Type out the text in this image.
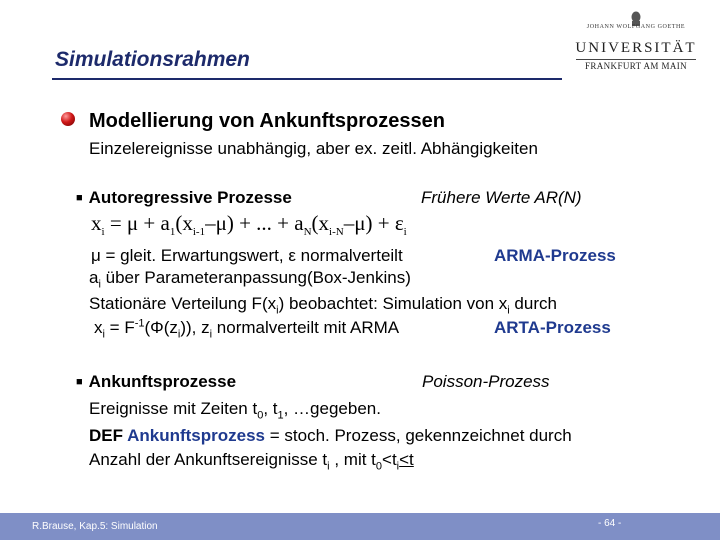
Simulationsrahmen
JOHANN WOLFGANG GOETHE
UNIVERSITÄT
FRANKFURT AM MAIN
Modellierung von Ankunftsprozessen
Einzelereignisse unabhängig, aber ex. zeitl. Abhängigkeiten
■ Autoregressive Prozesse	Frühere Werte AR(N)
$x_i = \mu + a_1(x_{i-1}-\mu)$ + ... + $a_N(x_{i-N}-\mu) + \varepsilon_i$
μ = gleit. Erwartungswert, ε normalverteilt	ARMA-Prozess
$a_i$ über Parameteranpassung(Box-Jenkins)
Stationäre Verteilung $F(x_i)$ beobachtet: Simulation von $x_i$ durch
$x_i = F^{-1}(\Phi(z_i))$, $z_i$ normalverteilt mit ARMA	ARTA-Prozess
■ Ankunftsprozesse	Poisson-Prozess
Ereignisse mit Zeiten $t_0$, $t_1$, …gegeben.
DEF Ankunftsprozess = stoch. Prozess, gekennzeichnet durch
Anzahl der Ankunftsereignisse $t_i$ , mit $t_0<t_i<t$
R.Brause, Kap.5: Simulation	- 64 -
